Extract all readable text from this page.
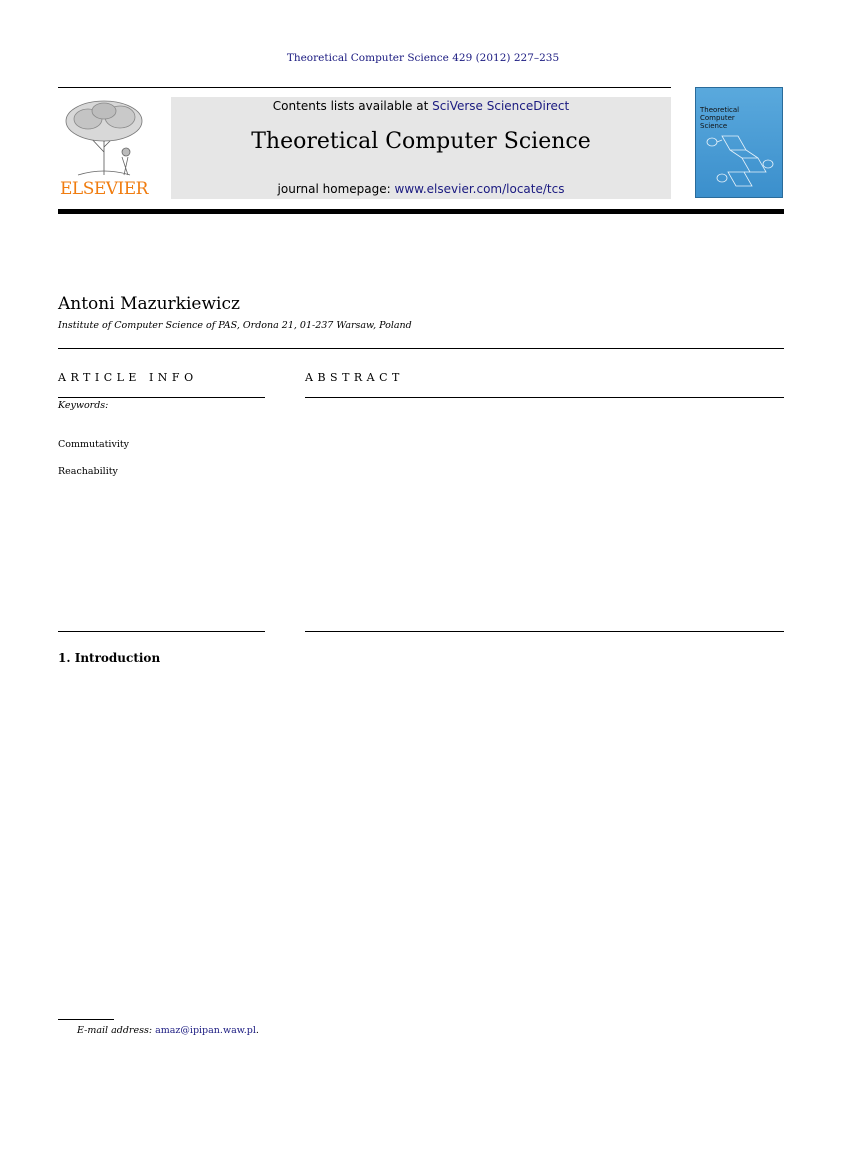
Theoretical Computer Science 429 (2012) 227–235
ELSEVIER
Contents lists available at SciVerse ScienceDirect
Theoretical Computer Science
journal homepage: www.elsevier.com/locate/tcs
Theoretical Computer Science
Antoni Mazurkiewicz
Institute of Computer Science of PAS, Ordona 21, 01-237 Warsaw, Poland
ARTICLE INFO	ABSTRACT
Keywords:
Commutativity
Reachability
1. Introduction
E-mail address: amaz@ipipan.waw.pl.
